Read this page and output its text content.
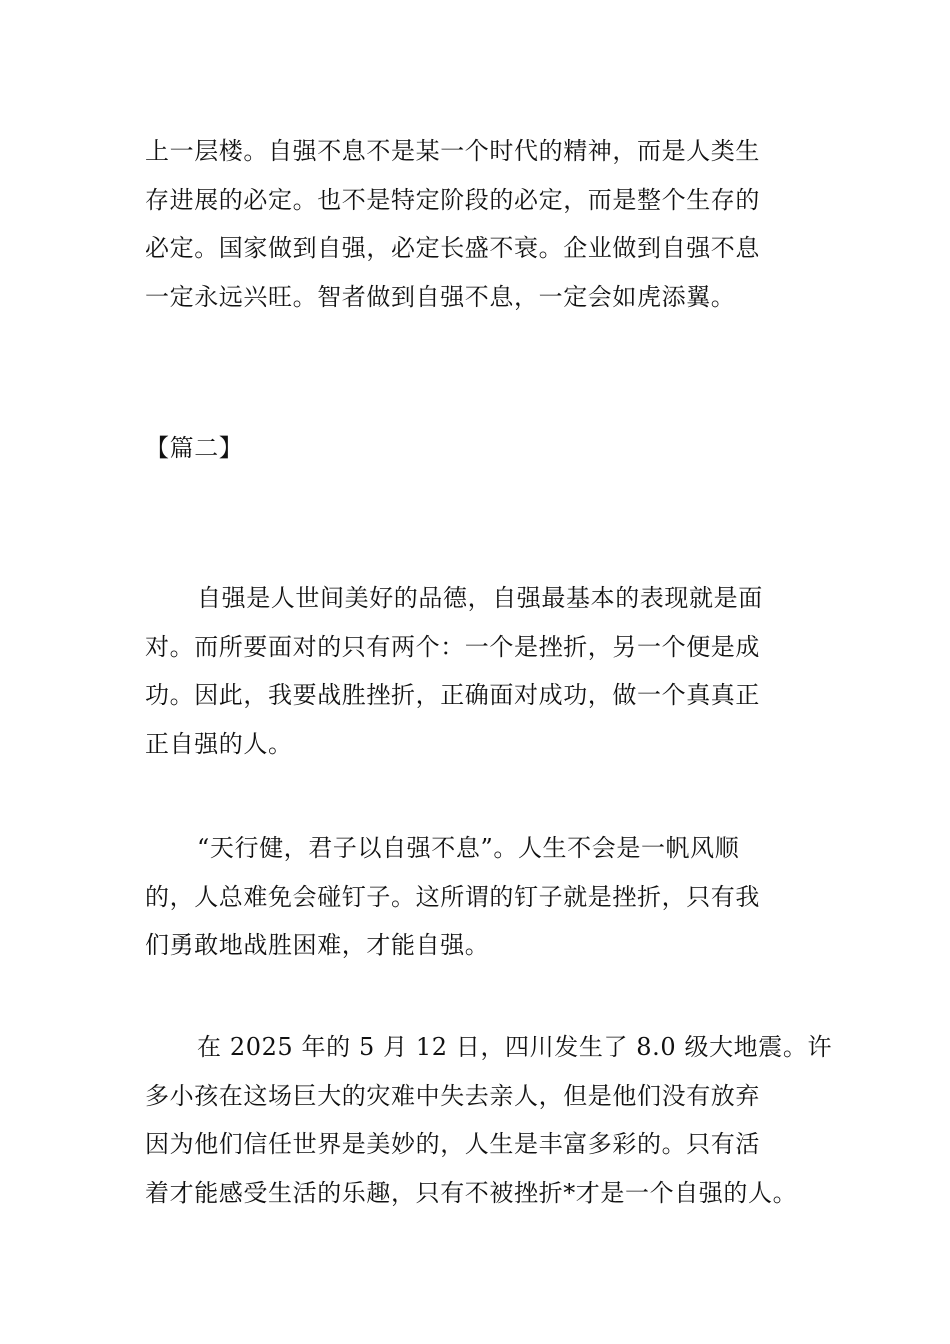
上一层楼。自强不息不是某一个时代的精神，而是人类生
存进展的必定。也不是特定阶段的必定，而是整个生存的
必定。国家做到自强，必定长盛不衰。企业做到自强不息
一定永远兴旺。智者做到自强不息，一定会如虎添翼。
【篇二】
自强是人世间美好的品德，自强最基本的表现就是面
对。而所要面对的只有两个：一个是挫折，另一个便是成
功。因此，我要战胜挫折，正确面对成功，做一个真真正
正自强的人。
“天行健，君子以自强不息”。人生不会是一帆风顺
的，人总难免会碰钉子。这所谓的钉子就是挫折，只有我
们勇敢地战胜困难，才能自强。
在 2025 年的 5 月 12 日，四川发生了 8.0 级大地震。许
多小孩在这场巨大的灾难中失去亲人，但是他们没有放弃
因为他们信任世界是美妙的，人生是丰富多彩的。只有活
着才能感受生活的乐趣，只有不被挫折*才是一个自强的人。
